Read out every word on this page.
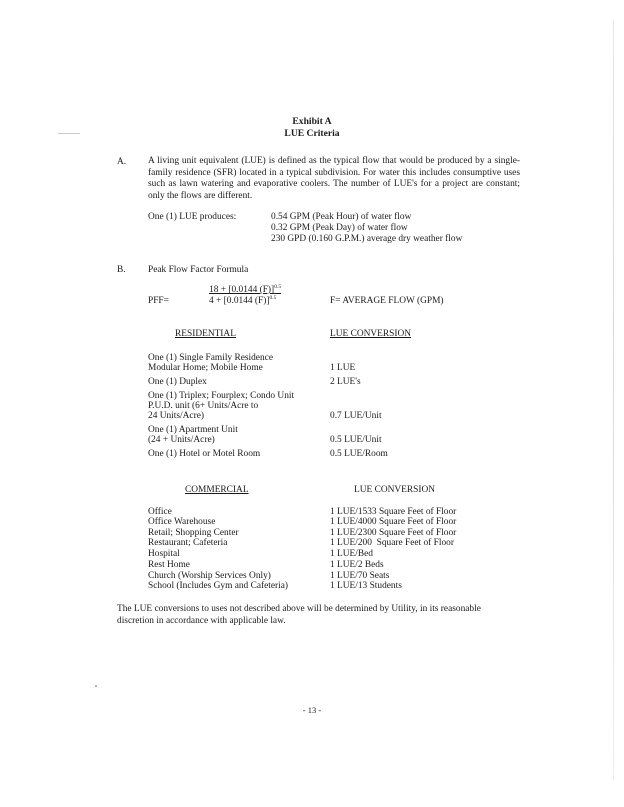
Exhibit A
LUE Criteria
A. A living unit equivalent (LUE) is defined as the typical flow that would be produced by a single-family residence (SFR) located in a typical subdivision. For water this includes consumptive uses such as lawn watering and evaporative coolers. The number of LUE's for a project are constant; only the flows are different.
One (1) LUE produces:	0.54 GPM (Peak Hour) of water flow
0.32 GPM (Peak Day) of water flow
230 GPD (0.160 G.P.M.) average dry weather flow
B. Peak Flow Factor Formula
PFF=	$\frac{18 + [0.0144 (F)]^{0.5}}{4 + [0.0144 (F)]^{0.5}}$	F= AVERAGE FLOW (GPM)
RESIDENTIAL	LUE CONVERSION
One (1) Single Family Residence
Modular Home; Mobile Home	1 LUE
One (1) Duplex	2 LUE's
One (1) Triplex; Fourplex; Condo Unit
P.U.D. unit (6+ Units/Acre to
24 Units/Acre)	0.7 LUE/Unit
One (1) Apartment Unit
(24 + Units/Acre)	0.5 LUE/Unit
One (1) Hotel or Motel Room	0.5 LUE/Room
COMMERCIAL	LUE CONVERSION
Office	1 LUE/1533 Square Feet of Floor
Office Warehouse	1 LUE/4000 Square Feet of Floor
Retail; Shopping Center	1 LUE/2300 Square Feet of Floor
Restaurant; Cafeteria	1 LUE/200  Square Feet of Floor
Hospital	1 LUE/Bed
Rest Home	1 LUE/2 Beds
Church (Worship Services Only)	1 LUE/70 Seats
School (Includes Gym and Cafeteria)	1 LUE/13 Students
The LUE conversions to uses not described above will be determined by Utility, in its reasonable discretion in accordance with applicable law.
- 13 -
